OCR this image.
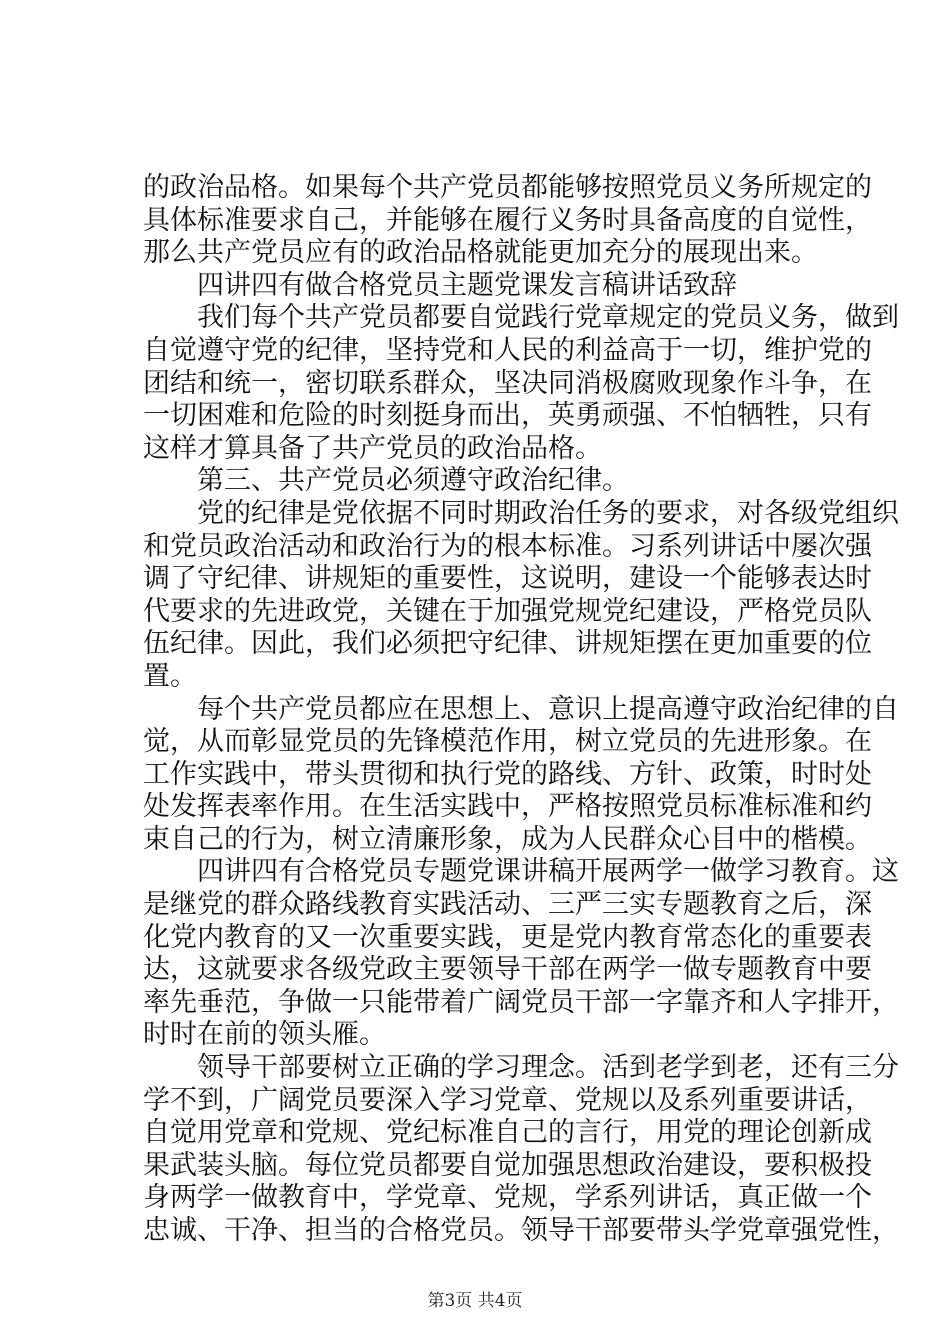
的政治品格。如果每个共产党员都能够按照党员义务所规定的
具体标准要求自己，并能够在履行义务时具备高度的自觉性，
那么共产党员应有的政治品格就能更加充分的展现出来。
　　四讲四有做合格党员主题党课发言稿讲话致辞
　　我们每个共产党员都要自觉践行党章规定的党员义务，做到
自觉遵守党的纪律，坚持党和人民的利益高于一切，维护党的
团结和统一，密切联系群众，坚决同消极腐败现象作斗争，在
一切困难和危险的时刻挺身而出，英勇顽强、不怕牺牲，只有
这样才算具备了共产党员的政治品格。
　　第三、共产党员必须遵守政治纪律。
　　党的纪律是党依据不同时期政治任务的要求，对各级党组织
和党员政治活动和政治行为的根本标准。习系列讲话中屡次强
调了守纪律、讲规矩的重要性，这说明，建设一个能够表达时
代要求的先进政党，关键在于加强党规党纪建设，严格党员队
伍纪律。因此，我们必须把守纪律、讲规矩摆在更加重要的位
置。
　　每个共产党员都应在思想上、意识上提高遵守政治纪律的自
觉，从而彰显党员的先锋模范作用，树立党员的先进形象。在
工作实践中，带头贯彻和执行党的路线、方针、政策，时时处
处发挥表率作用。在生活实践中，严格按照党员标准标准和约
束自己的行为，树立清廉形象，成为人民群众心目中的楷模。
　　四讲四有合格党员专题党课讲稿开展两学一做学习教育。这
是继党的群众路线教育实践活动、三严三实专题教育之后，深
化党内教育的又一次重要实践，更是党内教育常态化的重要表
达，这就要求各级党政主要领导干部在两学一做专题教育中要
率先垂范，争做一只能带着广阔党员干部一字靠齐和人字排开，
时时在前的领头雁。
　　领导干部要树立正确的学习理念。活到老学到老，还有三分
学不到，广阔党员要深入学习党章、党规以及系列重要讲话，
自觉用党章和党规、党纪标准自己的言行，用党的理论创新成
果武装头脑。每位党员都要自觉加强思想政治建设，要积极投
身两学一做教育中，学党章、党规，学系列讲话，真正做一个
忠诚、干净、担当的合格党员。领导干部要带头学党章强党性，
第3页 共4页
